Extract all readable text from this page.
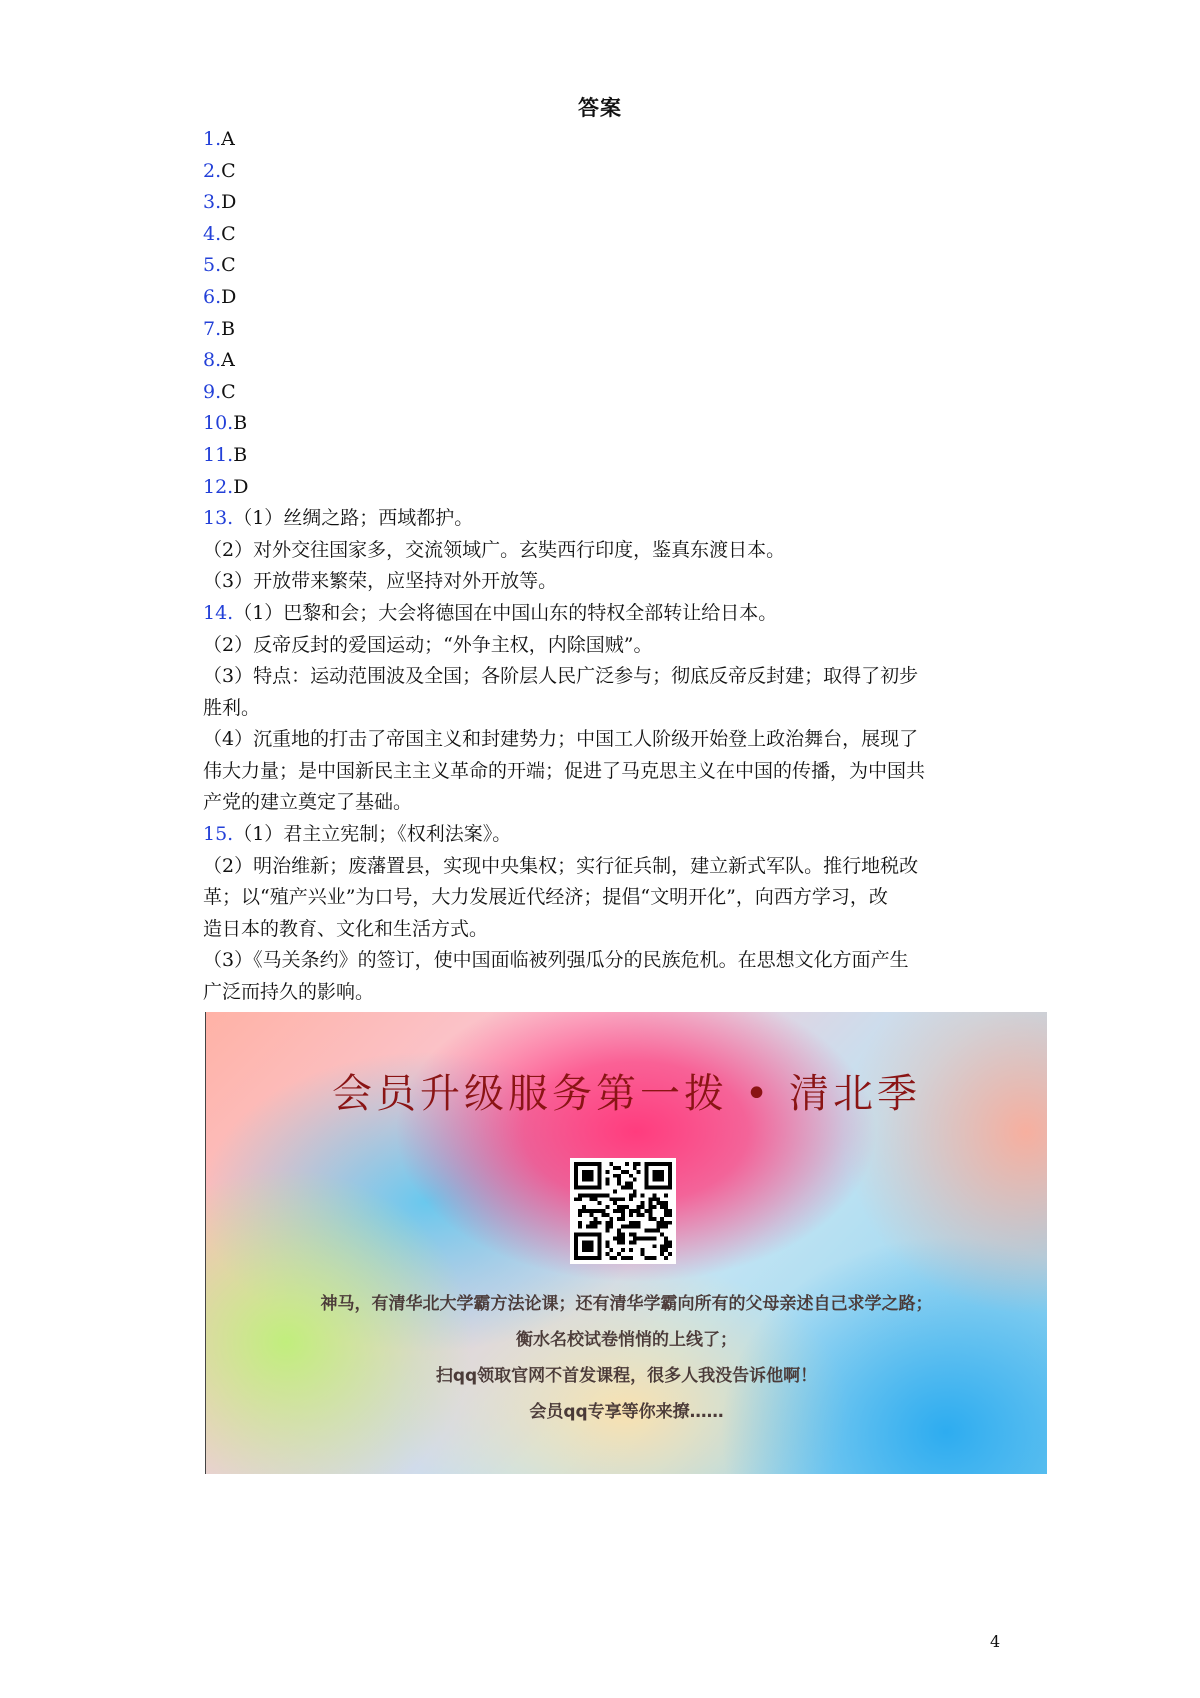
答案
1.A
2.C
3.D
4.C
5.C
6.D
7.B
8.A
9.C
10.B
11.B
12.D
13.（1）丝绸之路；西域都护。
（2）对外交往国家多，交流领域广。玄奘西行印度，鉴真东渡日本。
（3）开放带来繁荣，应坚持对外开放等。
14.（1）巴黎和会；大会将德国在中国山东的特权全部转让给日本。
（2）反帝反封的爱国运动；“外争主权，内除国贼”。
（3）特点：运动范围波及全国；各阶层人民广泛参与；彻底反帝反封建；取得了初步
胜利。
（4）沉重地的打击了帝国主义和封建势力；中国工人阶级开始登上政治舞台，展现了
伟大力量；是中国新民主主义革命的开端；促进了马克思主义在中国的传播，为中国共
产党的建立奠定了基础。
15.（1）君主立宪制；《权利法案》。
（2）明治维新；废藩置县，实现中央集权；实行征兵制，建立新式军队。推行地税改
革；以“殖产兴业”为口号，大力发展近代经济；提倡“文明开化”，向西方学习，改
造日本的教育、文化和生活方式。
（3）《马关条约》的签订，使中国面临被列强瓜分的民族危机。在思想文化方面产生
广泛而持久的影响。
会员升级服务第一拨 • 清北季
神马，有清华北大学霸方法论课；还有清华学霸向所有的父母亲述自己求学之路；
衡水名校试卷悄悄的上线了；
扫qq领取官网不首发课程，很多人我没告诉他啊！
会员qq专享等你来撩……
4
